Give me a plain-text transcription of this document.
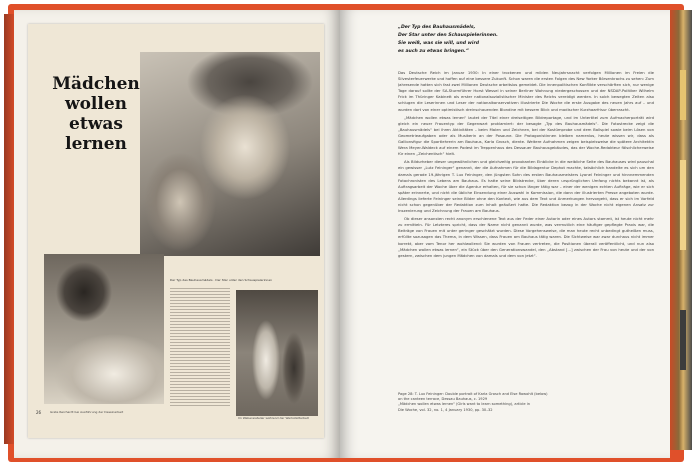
Mädchen wollen etwas lernen
Grete Reichardt bei Ausführung der Dessinarbeit
Der Typ des Bauhausmädels · Der Star unter den Schauspielerinnen
Im Webereiatelier während der Werkstattarbeit
26

„Der Typ des Bauhausmädels,
Der Star unter den Schauspielerinnen.
Sie weiß, was sie will, und wird
es auch zu etwas bringen.“

Das Deutsche Reich im Januar 1930: In einer trockenen und milden Neujahrsnacht verfolgen Millionen im Freien die Silvesterfeuerwerke und hoffen auf eine bessere Zukunft. Schon waren die ersten Folgen des New Yorker Börsenkrachs zu sehen: Zum Jahresende hatten sich fast zwei Millionen Deutsche arbeitslos gemeldet. Die innenpolitischen Konflikte verschärften sich, nur wenige Tage darauf sollte der SA-Sturmführer Horst Wessel in seiner Berliner Wohnung niedergeschossen und der NSDAP-Politiker Wilhelm Frick im Thüringer Kabinett als erster nationalsozialistischer Minister des Reichs vereidigt werden. In solch bewegten Zeiten also schlugen die Leserinnen und Leser der nationalkonservativen illustrierte Die Woche die erste Ausgabe des neuen Jahrs auf – und wurden dort von einer optimistisch dreinschauenden Blondine mit kessem Blick und modischer Kurzhaarfrisur überrascht.

„Mädchen wollen etwas lernen“ lautet der Titel einer dreiseitigen Bildreportage, und im Untertitel zum Aufmacherporträt wird gleich ein neuer Frauentyp der Gegenwart proklamiert: der besagte „Typ des Bauhausmädels“. Die Fotostrecke zeigt die „Bauhausmädels“ bei ihren Aktivitäten – beim Malen und Zeichnen, bei der Kostümprobe und dem Ballspiel sowie beim Lösen von Geometrieaufgaben oder als Musikerin an der Posaune. Die Protagonistinnen bleiben namenlos, heute wissen wir, dass als Gallionsfigur die Sportlehrerin am Bauhaus, Karla Grosch, diente. Weitere Aufnahmen zeigen beispielsweise die spätere Architektin Wera Meyer-Waldeck auf einem Podest im Treppenhaus des Dessauer Bauhausgebäudes, das der Woche-Redakteur fälschlicherweise für einen „Zeichentisch“ hielt.

Als Bildurheber dieser ungewöhnlichen und gleichzeitig provokanten Einblicke in die weibliche Seite des Bauhauses wird pauschal ein gewisser „Lutz Feininger“ genannt, der die Aufnahmen für die Bildagentur Dephot machte, tatsächlich handelte es sich um den damals gerade 19-jährigen T. Lux Feininger, den jüngsten Sohn des ersten Bauhausmeisters Lyonel Feininger und hinnnemmenden Fotochronisten des Lebens am Bauhaus. Es hatte seine Bildstrecke, über deren ursprünglichen Umfang nichts bekannt ist, als Auftragsarbeit der Woche über die Agentur erhalten, für sie schon länger tätig war – einer der wenigen echten Aufträge, wie er sich später erinnerte, und nicht die übliche Einsendung einer Auswahl in Kommission, die dann der illustrierten Presse angeboten wurde. Allerdings lieferte Feininger seine Bilder ohne den Kontext, wie aus dem Text und Anmerkungen hervorgeht, dass er sich im Vorfeld nicht schon gegenüber der Redaktion zum Inhalt geäußert hatte. Die Redaktion bezog in der Woche nicht eigenen Ansatz zur Inszenierung und Zeichnung der Frauen am Bauhaus.

Ob dieser ansonsten recht anonym erschienene Text aus der Feder einer Autorin oder eines Autors stammt, ist heute nicht mehr zu ermitteln. Für Letzteres spricht, dass der Name nicht genannt wurde, was vermutlich eine häufiger gepflegte Praxis war, die Beiträge von Frauen mit unter geringer geschätzt wurden. Diese Vorgehensweise, die man heute recht unbedingt gutheißen muss, erfüllte sozusagen das Thema, in dem Wissen, dass Frauen am Bauhaus tätig waren. Die Sichtweise war zwar durchaus nicht immer korrekt, aber vom Tenor her wohlwollend: Sie wurden von Frauen vertreten, die Positionen überall veröffentlicht, und nun also „Mädchen wollen etwas lernen“, ein Stück über den Generationswandel, den „Abstand [...] zwischen der Frau von heute und der von gestern, zwischen dem jungen Mädchen von damals und dem von jetzt“.

Page 28: T. Lux Feininger: Double portrait of Karla Grosch and Else Rowohlt (below)
on the canteen terrace, Dessau Bauhaus, c. 1929
„Mädchen wollen etwas lernen“ (Girls want to learn something), article in
Die Woche, vol. 32, no. 1, 4 January 1930, pp. 30–32
